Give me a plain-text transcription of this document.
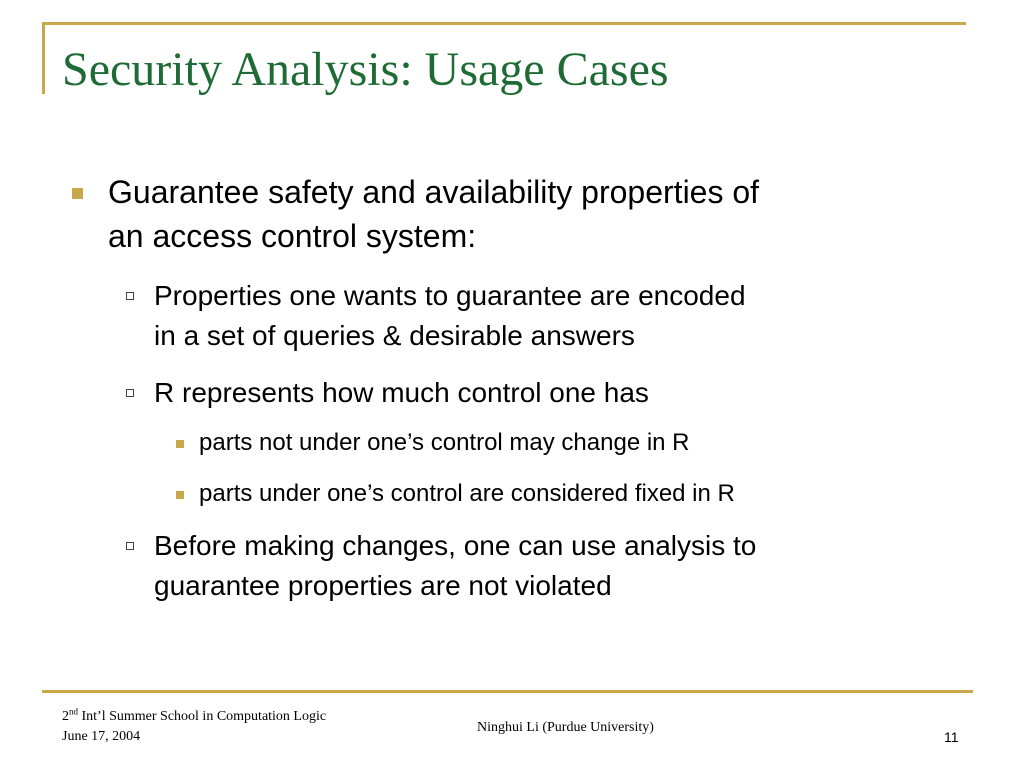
Security Analysis: Usage Cases
Guarantee safety and availability properties of
an access control system:
Properties one wants to guarantee are encoded
in a set of queries & desirable answers
R represents how much control one has
parts not under one’s control may change in R
parts under one’s control are considered fixed in R
Before making changes, one can use analysis to
guarantee properties are not violated
2nd Int’l Summer School in Computation Logic
June 17, 2004
Ninghui Li (Purdue University)
11
